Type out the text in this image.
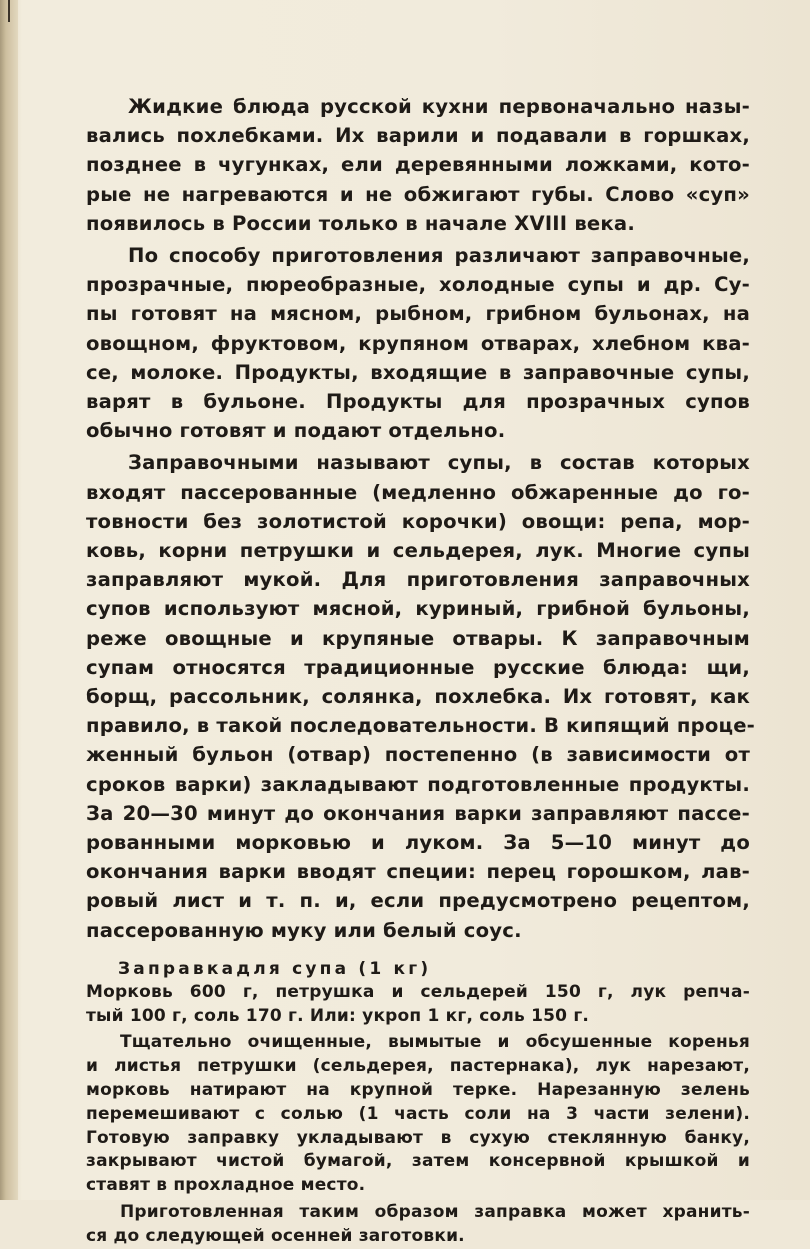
Жидкие блюда русской кухни первоначально назы-
вались похлебками. Их варили и подавали в горшках,
позднее в чугунках, ели деревянными ложками, кото-
рые не нагреваются и не обжигают губы. Слово «суп»
появилось в России только в начале XVIII века.
По способу приготовления различают заправочные,
прозрачные, пюреобразные, холодные супы и др. Су-
пы готовят на мясном, рыбном, грибном бульонах, на
овощном, фруктовом, крупяном отварах, хлебном ква-
се, молоке. Продукты, входящие в заправочные супы,
варят в бульоне. Продукты для прозрачных супов
обычно готовят и подают отдельно.
Заправочными называют супы, в состав которых
входят пассерованные (медленно обжаренные до го-
товности без золотистой корочки) овощи: репа, мор-
ковь, корни петрушки и сельдерея, лук. Многие супы
заправляют мукой. Для приготовления заправочных
супов используют мясной, куриный, грибной бульоны,
реже овощные и крупяные отвары. К заправочным
супам относятся традиционные русские блюда: щи,
борщ, рассольник, солянка, похлебка. Их готовят, как
правило, в такой последовательности. В кипящий проце-
женный бульон (отвар) постепенно (в зависимости от
сроков варки) закладывают подготовленные продукты.
За 20—30 минут до окончания варки заправляют пассе-
рованными морковью и луком. За 5—10 минут до
окончания варки вводят специи: перец горошком, лав-
ровый лист и т. п. и, если предусмотрено рецептом,
пассерованную муку или белый соус.
Заправкадля супа (1 кг)
Морковь 600 г, петрушка и сельдерей 150 г, лук репча-
тый 100 г, соль 170 г. Или: укроп 1 кг, соль 150 г.
Тщательно очищенные, вымытые и обсушенные коренья
и листья петрушки (сельдерея, пастернака), лук нарезают,
морковь натирают на крупной терке. Нарезанную зелень
перемешивают с солью (1 часть соли на 3 части зелени).
Готовую заправку укладывают в сухую стеклянную банку,
закрывают чистой бумагой, затем консервной крышкой и
ставят в прохладное место.
Приготовленная таким образом заправка может хранить-
ся до следующей осенней заготовки.
